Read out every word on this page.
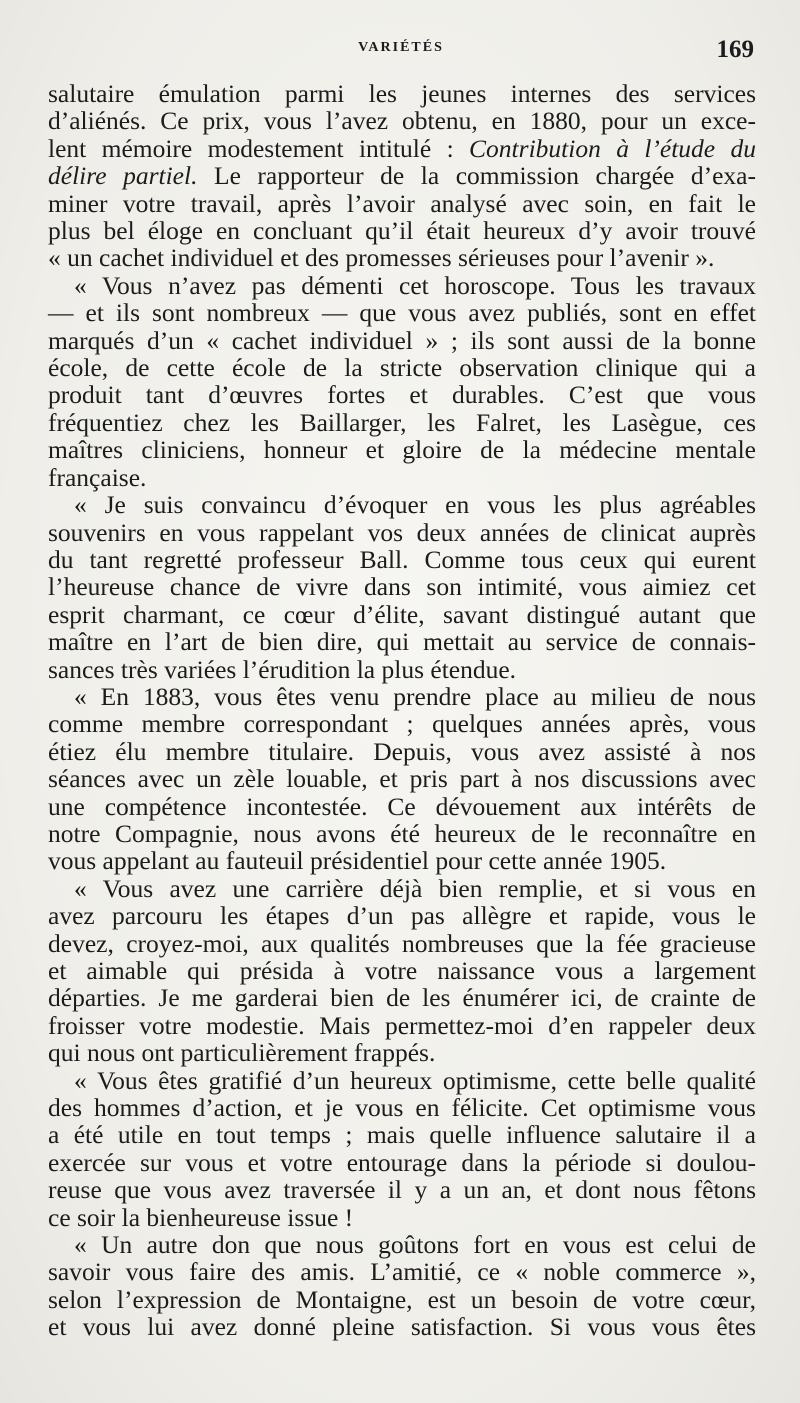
VARIÉTÉS	169
salutaire émulation parmi les jeunes internes des services
d’aliénés. Ce prix, vous l’avez obtenu, en 1880, pour un exce-
lent mémoire modestement intitulé : Contribution à l’étude du
délire partiel. Le rapporteur de la commission chargée d’exa-
miner votre travail, après l’avoir analysé avec soin, en fait le
plus bel éloge en concluant qu’il était heureux d’y avoir trouvé
« un cachet individuel et des promesses sérieuses pour l’avenir ».
« Vous n’avez pas démenti cet horoscope. Tous les travaux
— et ils sont nombreux — que vous avez publiés, sont en effet
marqués d’un « cachet individuel » ; ils sont aussi de la bonne
école, de cette école de la stricte observation clinique qui a
produit tant d’œuvres fortes et durables. C’est que vous
fréquentiez chez les Baillarger, les Falret, les Lasègue, ces
maîtres cliniciens, honneur et gloire de la médecine mentale
française.
« Je suis convaincu d’évoquer en vous les plus agréables
souvenirs en vous rappelant vos deux années de clinicat auprès
du tant regretté professeur Ball. Comme tous ceux qui eurent
l’heureuse chance de vivre dans son intimité, vous aimiez cet
esprit charmant, ce cœur d’élite, savant distingué autant que
maître en l’art de bien dire, qui mettait au service de connais-
sances très variées l’érudition la plus étendue.
« En 1883, vous êtes venu prendre place au milieu de nous
comme membre correspondant ; quelques années après, vous
étiez élu membre titulaire. Depuis, vous avez assisté à nos
séances avec un zèle louable, et pris part à nos discussions avec
une compétence incontestée. Ce dévouement aux intérêts de
notre Compagnie, nous avons été heureux de le reconnaître en
vous appelant au fauteuil présidentiel pour cette année 1905.
« Vous avez une carrière déjà bien remplie, et si vous en
avez parcouru les étapes d’un pas allègre et rapide, vous le
devez, croyez-moi, aux qualités nombreuses que la fée gracieuse
et aimable qui présida à votre naissance vous a largement
départies. Je me garderai bien de les énumérer ici, de crainte de
froisser votre modestie. Mais permettez-moi d’en rappeler deux
qui nous ont particulièrement frappés.
« Vous êtes gratifié d’un heureux optimisme, cette belle qualité
des hommes d’action, et je vous en félicite. Cet optimisme vous
a été utile en tout temps ; mais quelle influence salutaire il a
exercée sur vous et votre entourage dans la période si doulou-
reuse que vous avez traversée il y a un an, et dont nous fêtons
ce soir la bienheureuse issue !
« Un autre don que nous goûtons fort en vous est celui de
savoir vous faire des amis. L’amitié, ce « noble commerce »,
selon l’expression de Montaigne, est un besoin de votre cœur,
et vous lui avez donné pleine satisfaction. Si vous vous êtes
